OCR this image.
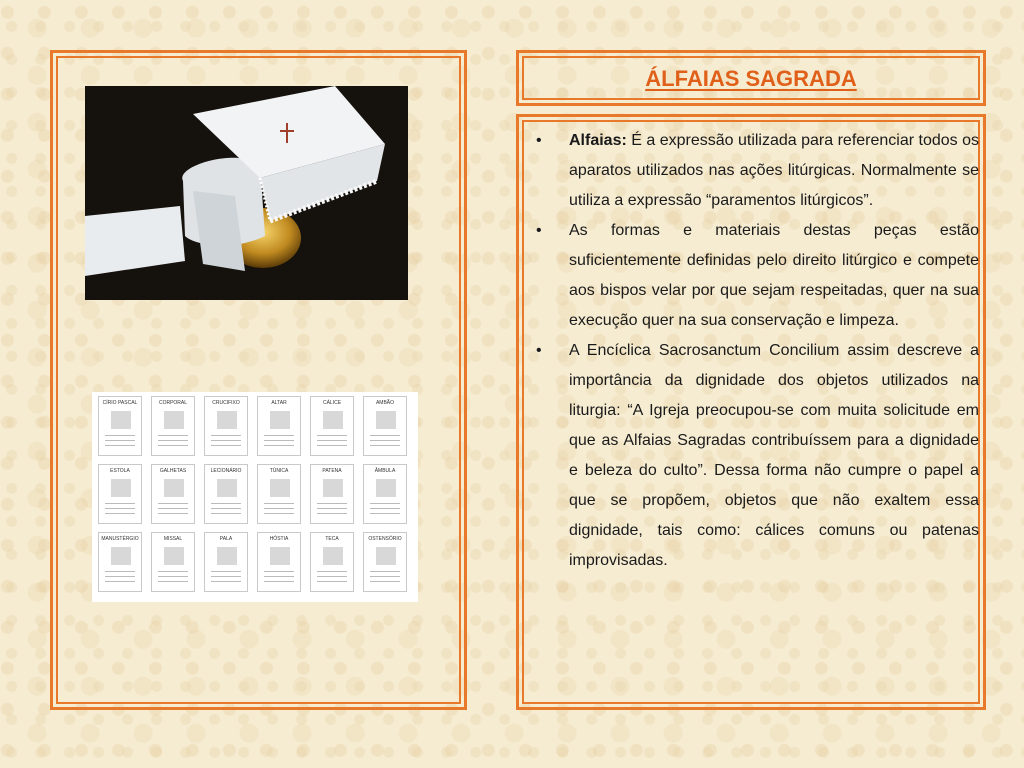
CÍRIO PASCAL	CORPORAL	CRUCIFIXO	ALTAR	CÁLICE	AMBÃO
ESTOLA	GALHETAS	LECIONÁRIO	TÚNICA	PATENA	ÂMBULA
MANUSTÉRGIO	MISSAL	PALA	HÓSTIA	TECA	OSTENSÓRIO
ÁLFAIAS SAGRADA
• Alfaias: É a expressão utilizada para referenciar todos os aparatos utilizados nas ações litúrgicas. Normalmente se utiliza a expressão “paramentos litúrgicos”.
• As formas e materiais destas peças estão suficientemente definidas pelo direito litúrgico e compete aos bispos velar por que sejam respeitadas, quer na sua execução quer na sua conservação e limpeza.
• A Encíclica Sacrosanctum Concilium assim descreve a importância da dignidade dos objetos utilizados na liturgia: “A Igreja preocupou-se com muita solicitude em que as Alfaias Sagradas contribuíssem para a dignidade e beleza do culto”. Dessa forma não cumpre o papel a que se propõem, objetos que não exaltem essa dignidade, tais como: cálices comuns ou patenas improvisadas.
